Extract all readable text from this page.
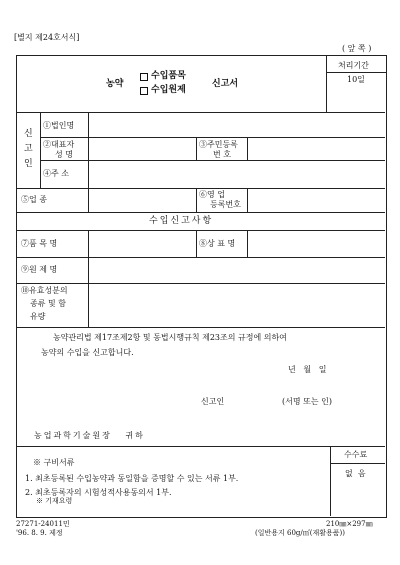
[별지 제24호서식]
( 앞 쪽 )
농약
수입품목
수입원제
신고서
처리기간
10일
신
고
인
①법인명
②대표자
성 명
③주민등록
번 호
④주 소
⑤업 종
⑥영 업
등록번호
수입신고사항
⑦품 목 명	⑧상 표 명
⑨원 제 명
⑩유효성분의
종류 및 함
유량
농약관리법 제17조제2항 및 동법시행규칙 제23조의 규정에 의하여
농약의 수입을 신고합니다.
년   월   일
신고인	(서명 또는 인)
농업과학기술원장   귀하
※ 구비서류
1. 최초등록된 수입농약과 동일함을 증명할 수 있는 서류 1부.
2. 최초등록자의 시험성적사용동의서 1부.
※ 기재요령
수수료
없  음
27271-24011민
'96. 8. 9. 제정
210㎜×297㎜
(일반용지 60g/㎡(재활용품))
